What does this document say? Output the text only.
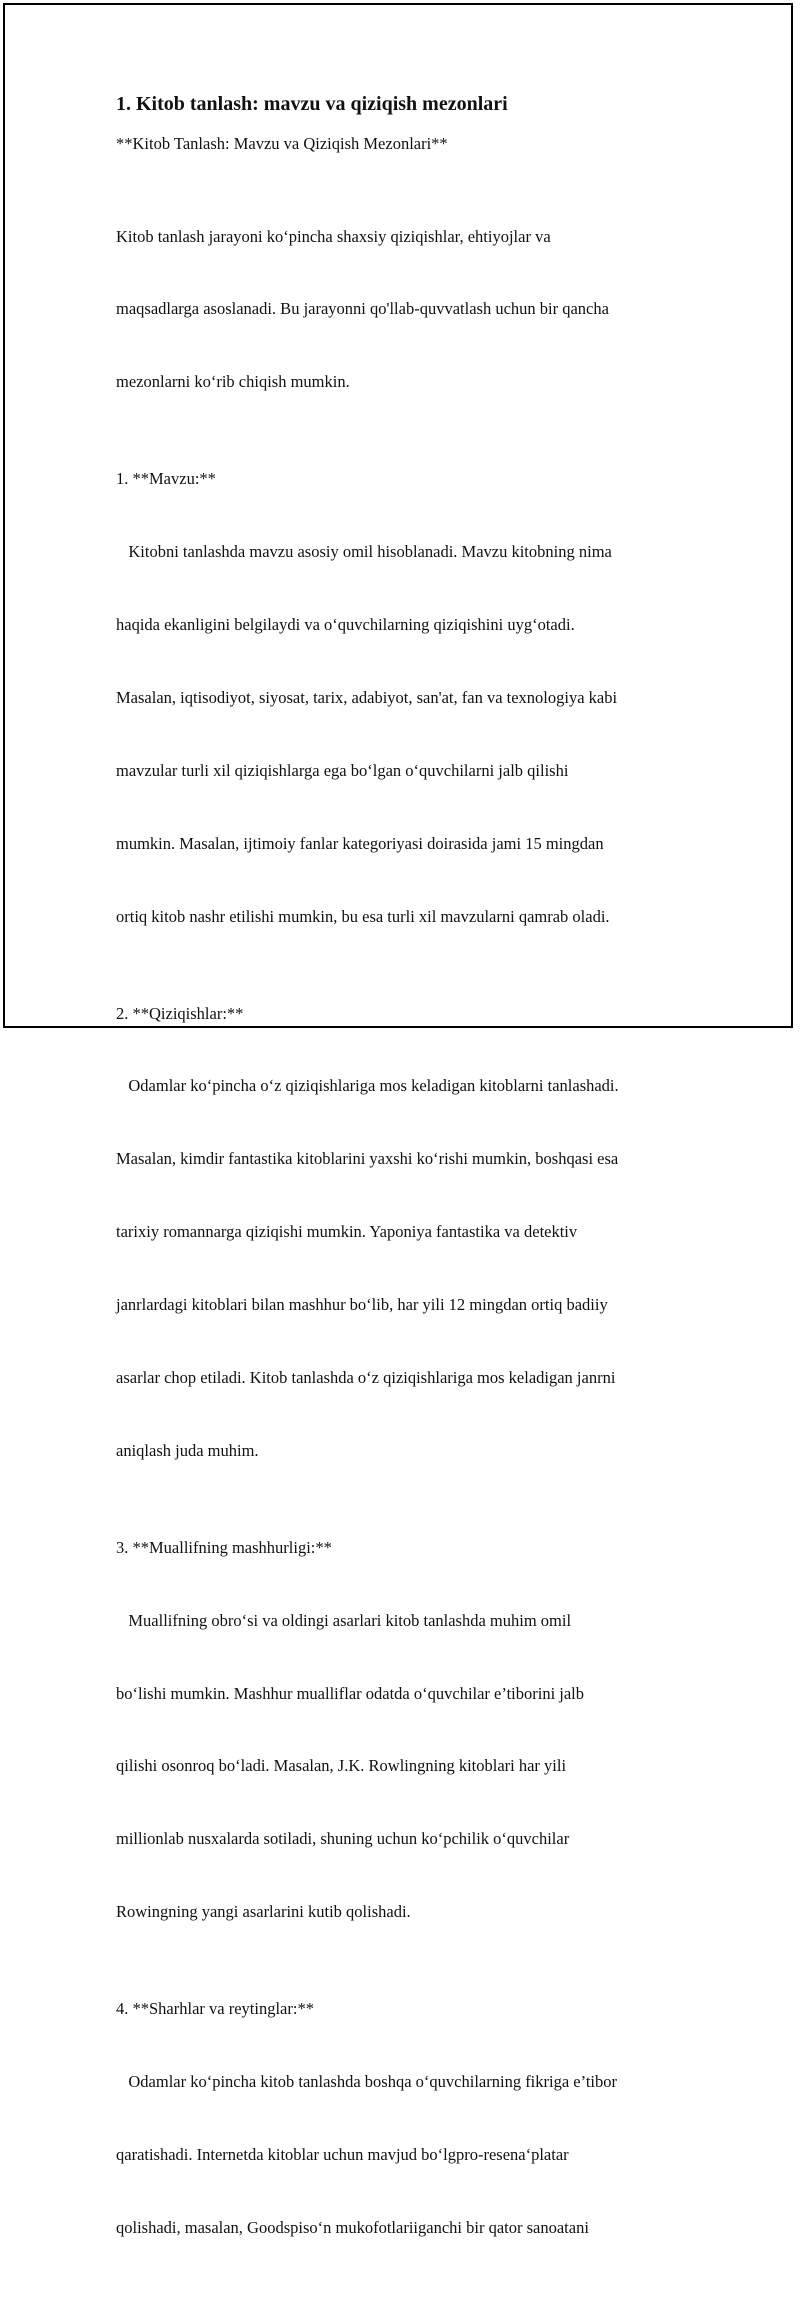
1. Kitob tanlash: mavzu va qiziqish mezonlari
**Kitob Tanlash: Mavzu va Qiziqish Mezonlari**

Kitob tanlash jarayoni ko‘pincha shaxsiy qiziqishlar, ehtiyojlar va

maqsadlarga asoslanadi. Bu jarayonni qo'llab-quvvatlash uchun bir qancha

mezonlarni ko‘rib chiqish mumkin.

1. **Mavzu:**

Kitobni tanlashda mavzu asosiy omil hisoblanadi. Mavzu kitobning nima

haqida ekanligini belgilaydi va o‘quvchilarning qiziqishini uyg‘otadi.

Masalan, iqtisodiyot, siyosat, tarix, adabiyot, san'at, fan va texnologiya kabi

mavzular turli xil qiziqishlarga ega bo‘lgan o‘quvchilarni jalb qilishi

mumkin. Masalan, ijtimoiy fanlar kategoriyasi doirasida jami 15 mingdan

ortiq kitob nashr etilishi mumkin, bu esa turli xil mavzularni qamrab oladi.

2. **Qiziqishlar:**

Odamlar ko‘pincha o‘z qiziqishlariga mos keladigan kitoblarni tanlashadi.

Masalan, kimdir fantastika kitoblarini yaxshi ko‘rishi mumkin, boshqasi esa

tarixiy romannarga qiziqishi mumkin. Yaponiya fantastika va detektiv

janrlardagi kitoblari bilan mashhur bo‘lib, har yili 12 mingdan ortiq badiiy

asarlar chop etiladi. Kitob tanlashda o‘z qiziqishlariga mos keladigan janrni

aniqlash juda muhim.

3. **Muallifning mashhurligi:**

Muallifning obro‘si va oldingi asarlari kitob tanlashda muhim omil

bo‘lishi mumkin. Mashhur mualliflar odatda o‘quvchilar e’tiborini jalb

qilishi osonroq bo‘ladi. Masalan, J.K. Rowlingning kitoblari har yili

millionlab nusxalarda sotiladi, shuning uchun ko‘pchilik o‘quvchilar

Rowingning yangi asarlarini kutib qolishadi.

4. **Sharhlar va reytinglar:**

Odamlar ko‘pincha kitob tanlashda boshqa o‘quvchilarning fikriga e’tibor

qaratishadi. Internetda kitoblar uchun mavjud bo‘lgpro-resena‘platar

qolishadi, masalan, Goodspiso‘n mukofotlariiganchi bir qator sanoatani
